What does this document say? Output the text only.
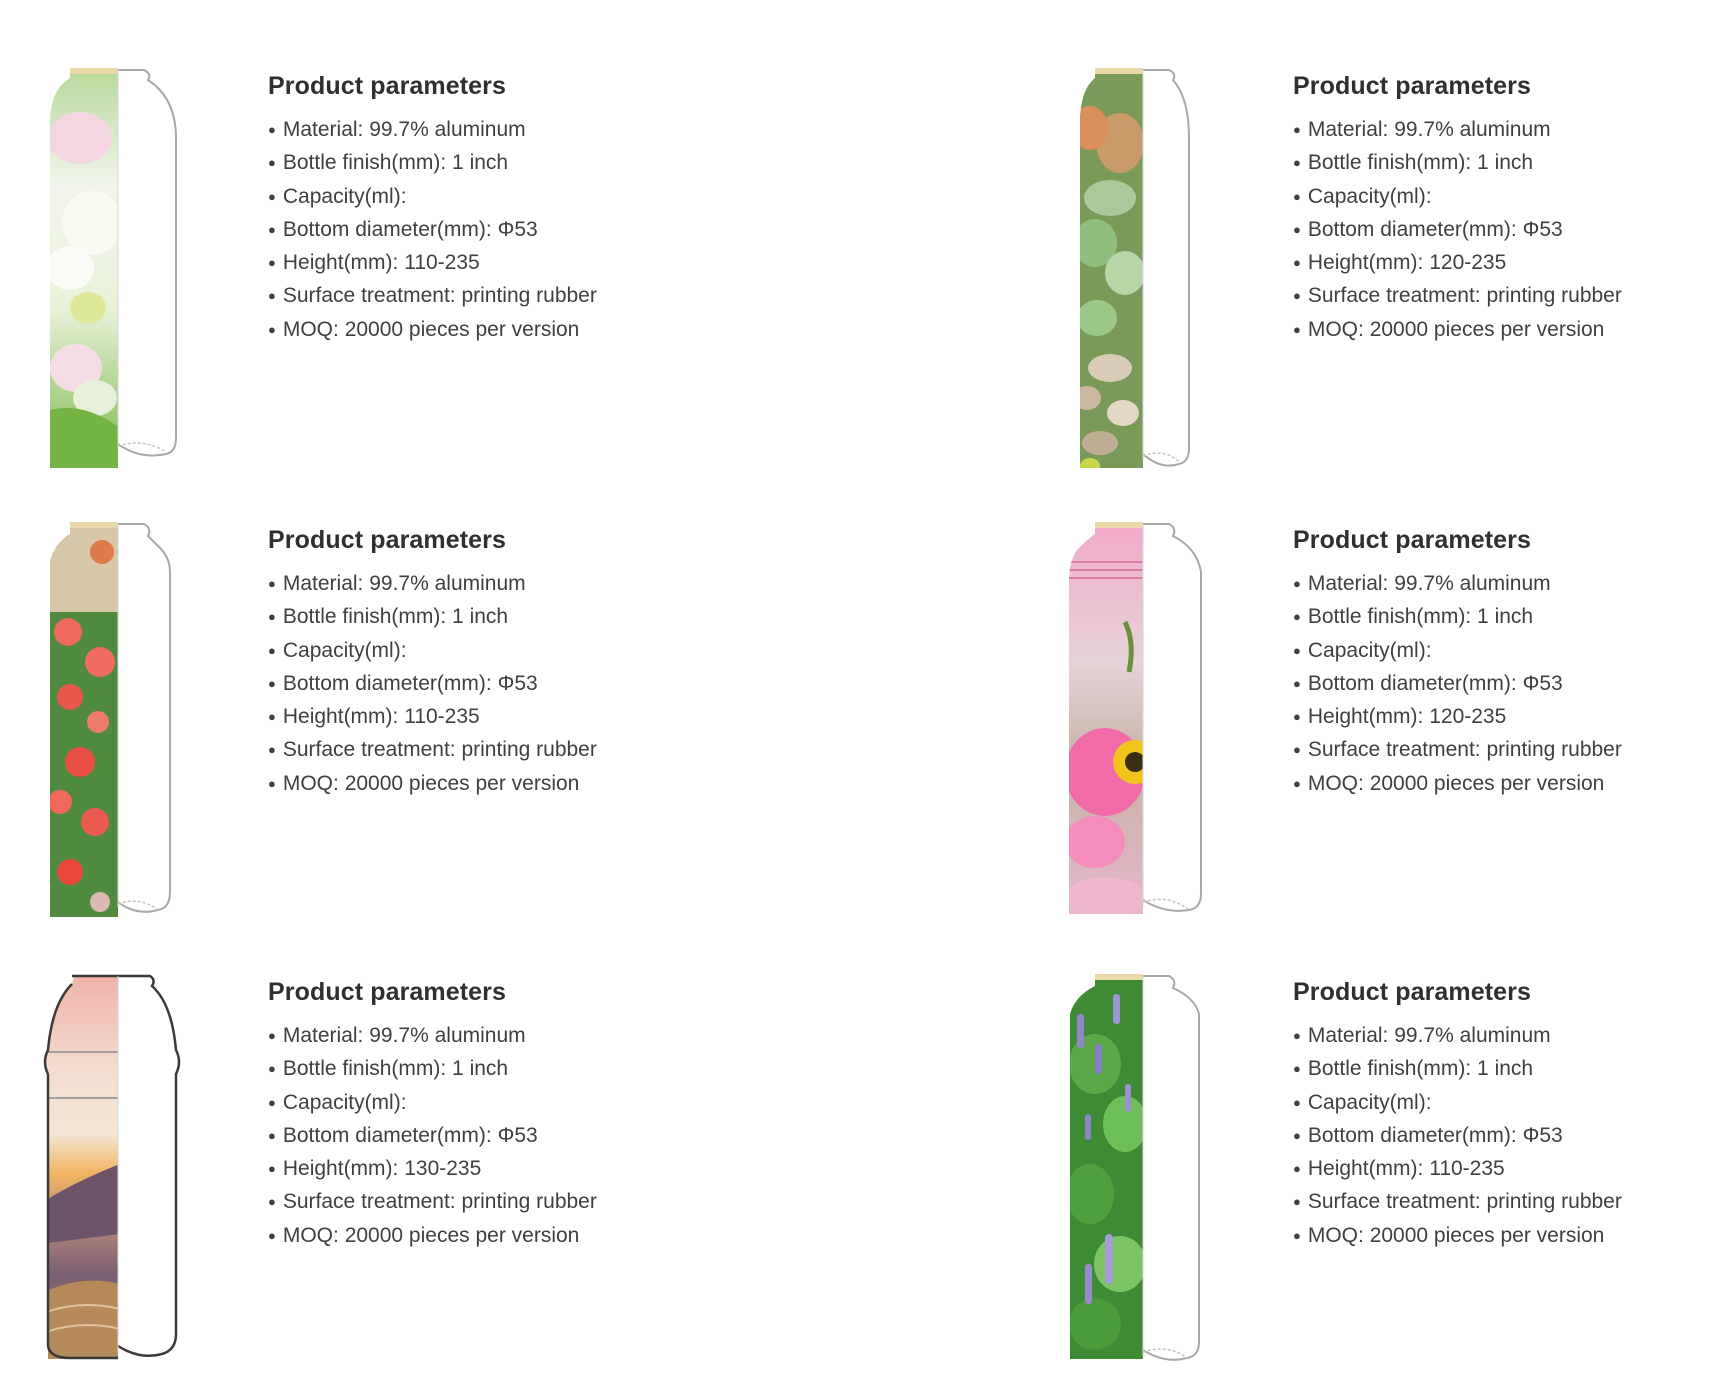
Product parameters
● Material: 99.7% aluminum
● Bottle finish(mm): 1 inch
● Capacity(ml):
● Bottom diameter(mm): Φ53
● Height(mm): 110-235
● Surface treatment: printing rubber
● MOQ: 20000 pieces per version
Product parameters
● Material: 99.7% aluminum
● Bottle finish(mm): 1 inch
● Capacity(ml):
● Bottom diameter(mm): Φ53
● Height(mm): 120-235
● Surface treatment: printing rubber
● MOQ: 20000 pieces per version
Product parameters
● Material: 99.7% aluminum
● Bottle finish(mm): 1 inch
● Capacity(ml):
● Bottom diameter(mm): Φ53
● Height(mm): 110-235
● Surface treatment: printing rubber
● MOQ: 20000 pieces per version
Product parameters
● Material: 99.7% aluminum
● Bottle finish(mm): 1 inch
● Capacity(ml):
● Bottom diameter(mm): Φ53
● Height(mm): 120-235
● Surface treatment: printing rubber
● MOQ: 20000 pieces per version
Product parameters
● Material: 99.7% aluminum
● Bottle finish(mm): 1 inch
● Capacity(ml):
● Bottom diameter(mm): Φ53
● Height(mm): 130-235
● Surface treatment: printing rubber
● MOQ: 20000 pieces per version
Product parameters
● Material: 99.7% aluminum
● Bottle finish(mm): 1 inch
● Capacity(ml):
● Bottom diameter(mm): Φ53
● Height(mm): 110-235
● Surface treatment: printing rubber
● MOQ: 20000 pieces per version
